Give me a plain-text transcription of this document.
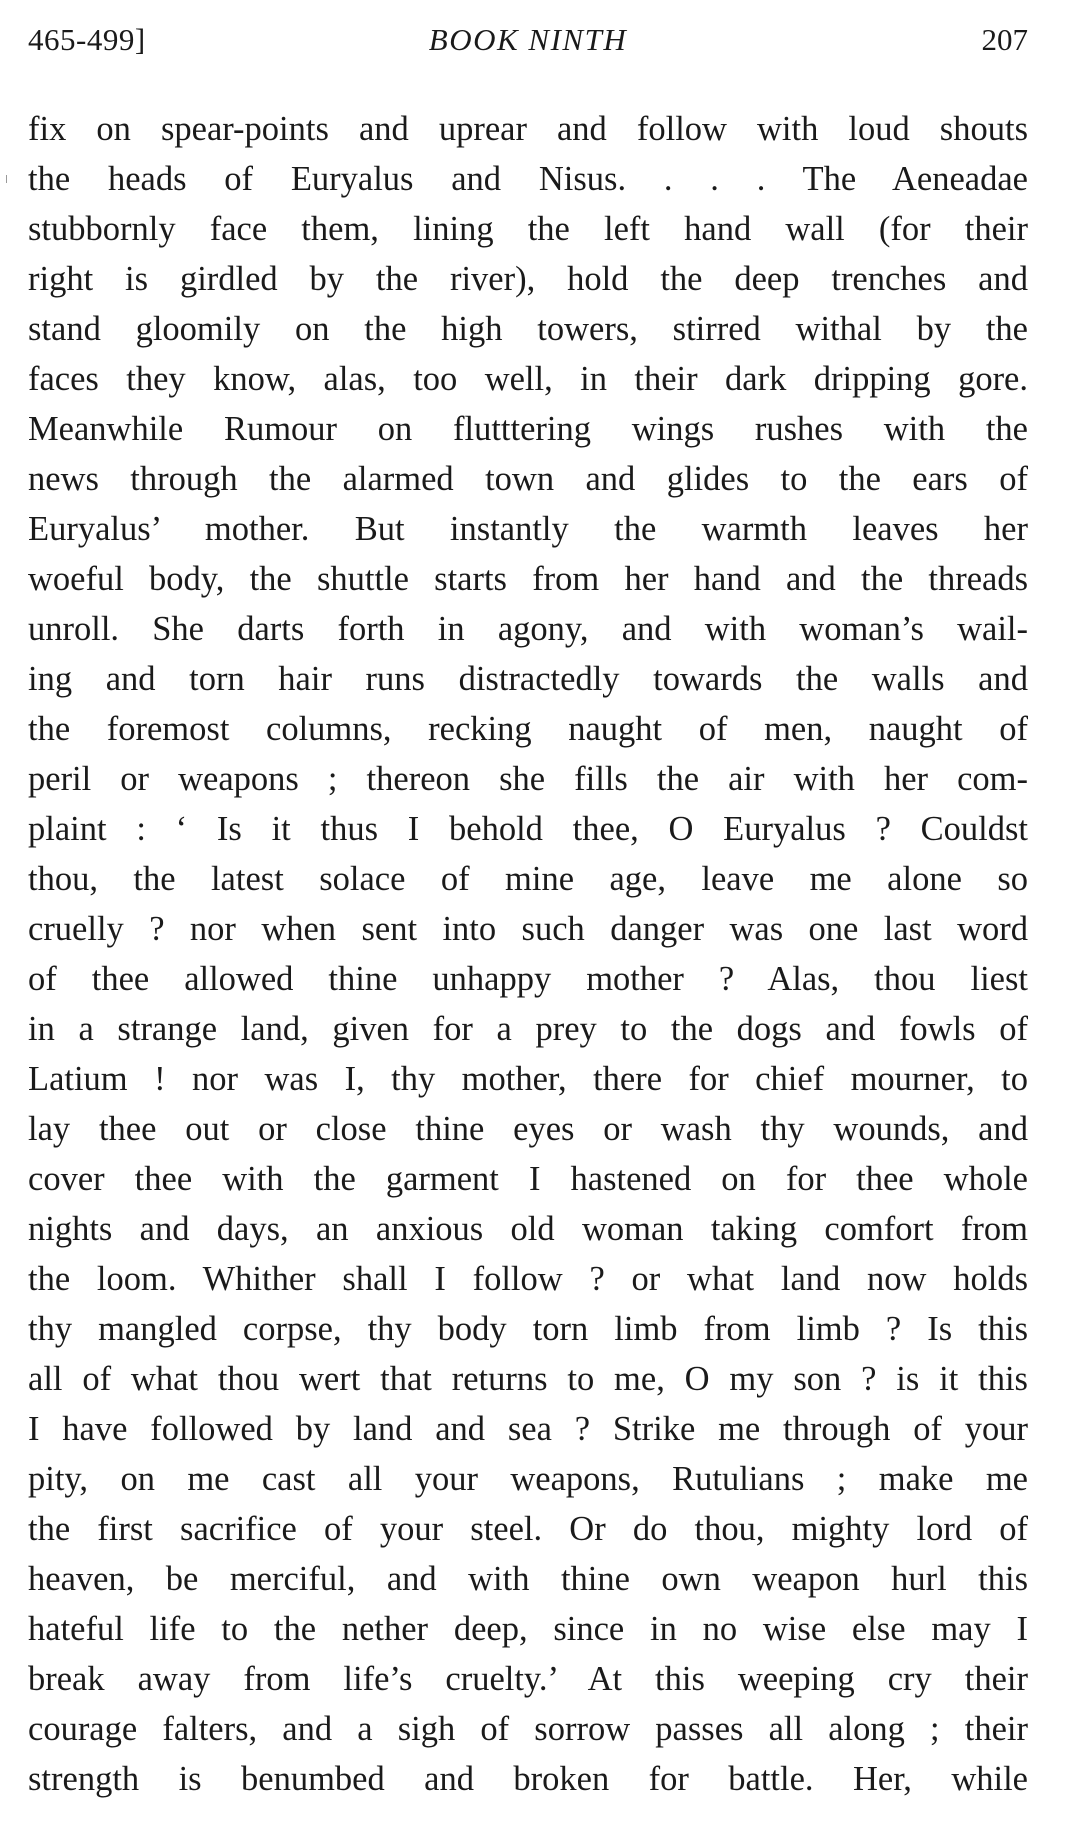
465-499]	BOOK NINTH	207
fix on spear-points and uprear and follow with loud shouts
the heads of Euryalus and Nisus. . . . The Aeneadae
stubbornly face them, lining the left hand wall (for their
right is girdled by the river), hold the deep trenches and
stand gloomily on the high towers, stirred withal by the
faces they know, alas, too well, in their dark dripping gore.
Meanwhile Rumour on flutttering wings rushes with the
news through the alarmed town and glides to the ears of
Euryalus’ mother. But instantly the warmth leaves her
woeful body, the shuttle starts from her hand and the threads
unroll. She darts forth in agony, and with woman’s wail-
ing and torn hair runs distractedly towards the walls and
the foremost columns, recking naught of men, naught of
peril or weapons ; thereon she fills the air with her com-
plaint : ‘ Is it thus I behold thee, O Euryalus ? Couldst
thou, the latest solace of mine age, leave me alone so
cruelly ? nor when sent into such danger was one last word
of thee allowed thine unhappy mother ? Alas, thou liest
in a strange land, given for a prey to the dogs and fowls of
Latium ! nor was I, thy mother, there for chief mourner, to
lay thee out or close thine eyes or wash thy wounds, and
cover thee with the garment I hastened on for thee whole
nights and days, an anxious old woman taking comfort from
the loom. Whither shall I follow ? or what land now holds
thy mangled corpse, thy body torn limb from limb ? Is this
all of what thou wert that returns to me, O my son ? is it this
I have followed by land and sea ? Strike me through of your
pity, on me cast all your weapons, Rutulians ; make me
the first sacrifice of your steel. Or do thou, mighty lord of
heaven, be merciful, and with thine own weapon hurl this
hateful life to the nether deep, since in no wise else may I
break away from life’s cruelty.’ At this weeping cry their
courage falters, and a sigh of sorrow passes all along ; their
strength is benumbed and broken for battle. Her, while
